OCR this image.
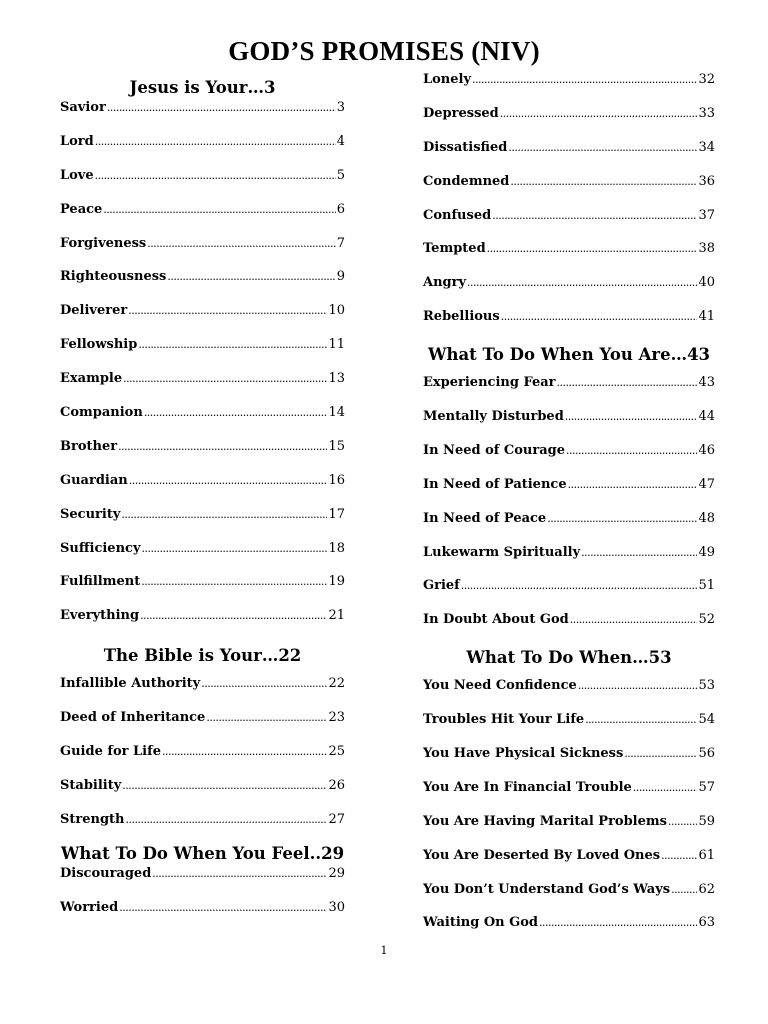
GOD’S PROMISES (NIV)
Jesus is Your…3
Savior .....	3
Lord .....	4
Love .....	5
Peace .....	6
Forgiveness .....	7
Righteousness .....	9
Deliverer .....	10
Fellowship .....	11
Example .....	13
Companion .....	14
Brother .....	15
Guardian .....	16
Security .....	17
Sufficiency .....	18
Fulfillment .....	19
Everything .....	21
The Bible is Your…22
Infallible Authority .....	22
Deed of Inheritance .....	23
Guide for Life .....	25
Stability .....	26
Strength .....	27
What To Do When You Feel..29
Discouraged .....	29
Worried .....	30
Lonely .....	32
Depressed .....	33
Dissatisfied .....	34
Condemned .....	36
Confused .....	37
Tempted .....	38
Angry .....	40
Rebellious .....	41
What To Do When You Are…43
Experiencing Fear .....	43
Mentally Disturbed .....	44
In Need of Courage .....	46
In Need of Patience .....	47
In Need of Peace .....	48
Lukewarm Spiritually .....	49
Grief .....	51
In Doubt About God .....	52
What To Do When…53
You Need Confidence .....	53
Troubles Hit Your Life .....	54
You Have Physical Sickness .....	56
You Are In Financial Trouble .....	57
You Are Having Marital Problems ..... 59
You Are Deserted By Loved Ones .....	61
You Don’t Understand God’s Ways ..... 62
Waiting On God .....	63
1
